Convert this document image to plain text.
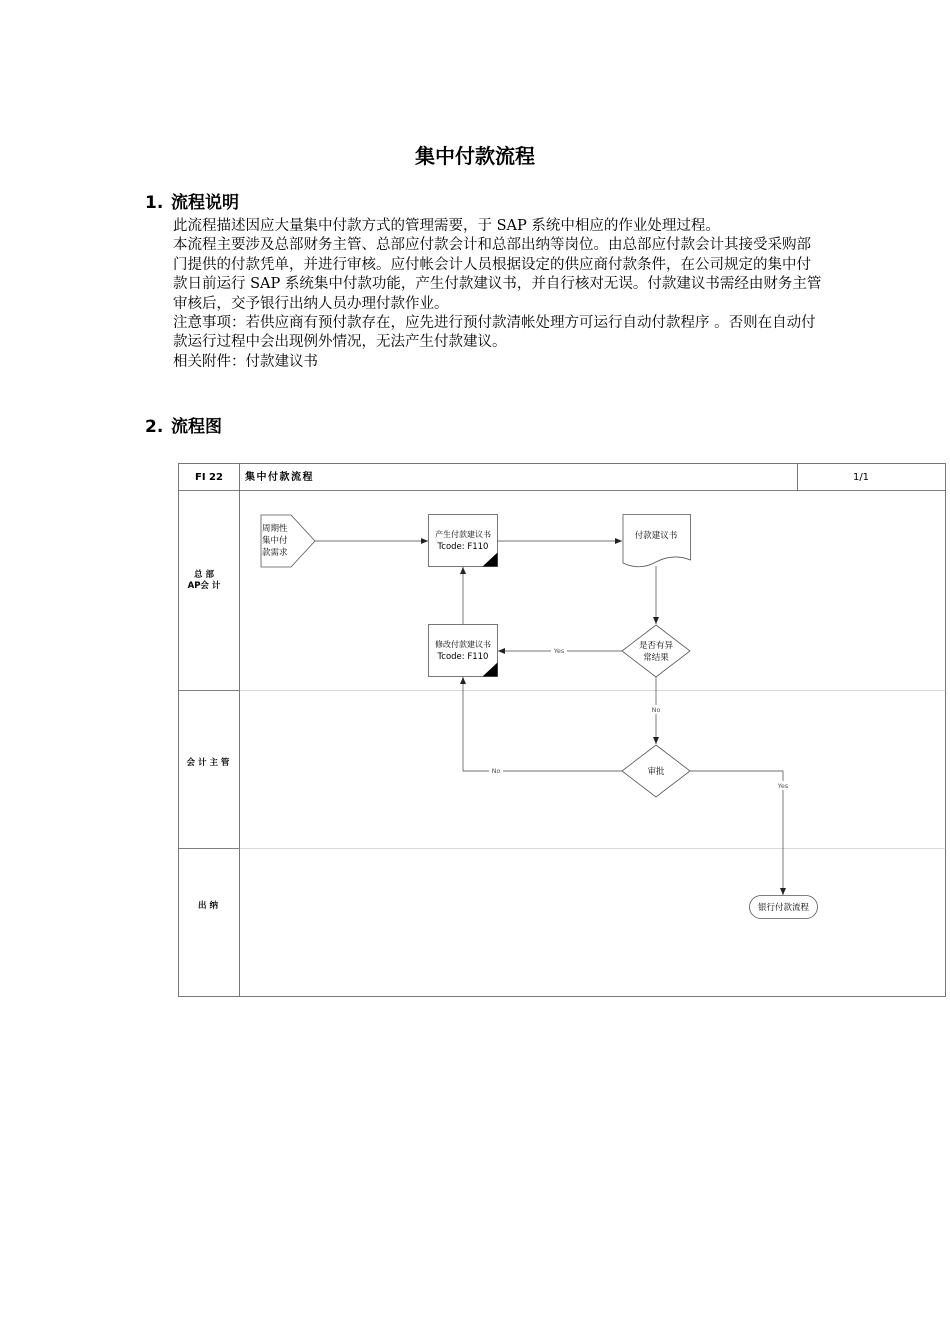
集中付款流程
1. 流程说明
此流程描述因应大量集中付款方式的管理需要，于 SAP 系统中相应的作业处理过程。
本流程主要涉及总部财务主管、总部应付款会计和总部出纳等岗位。由总部应付款会计其接受采购部门提供的付款凭单，并进行审核。应付帐会计人员根据设定的供应商付款条件，在公司规定的集中付款日前运行 SAP 系统集中付款功能，产生付款建议书，并自行核对无误。付款建议书需经由财务主管审核后，交予银行出纳人员办理付款作业。
注意事项：若供应商有预付款存在，应先进行预付款清帐处理方可运行自动付款程序 。否则在自动付款运行过程中会出现例外情况，无法产生付款建议。
相关附件：付款建议书
2. 流程图
FI 22 集中付款流程	1/1
总 部
AP会 计
会 计 主 管
出 纳
周期性
集中付
款需求
产生付款建议书
Tcode: F110
付款建议书
修改付款建议书
Tcode: F110
是否有异
常结果
审批
银行付款流程
Yes
No
No
Yes
